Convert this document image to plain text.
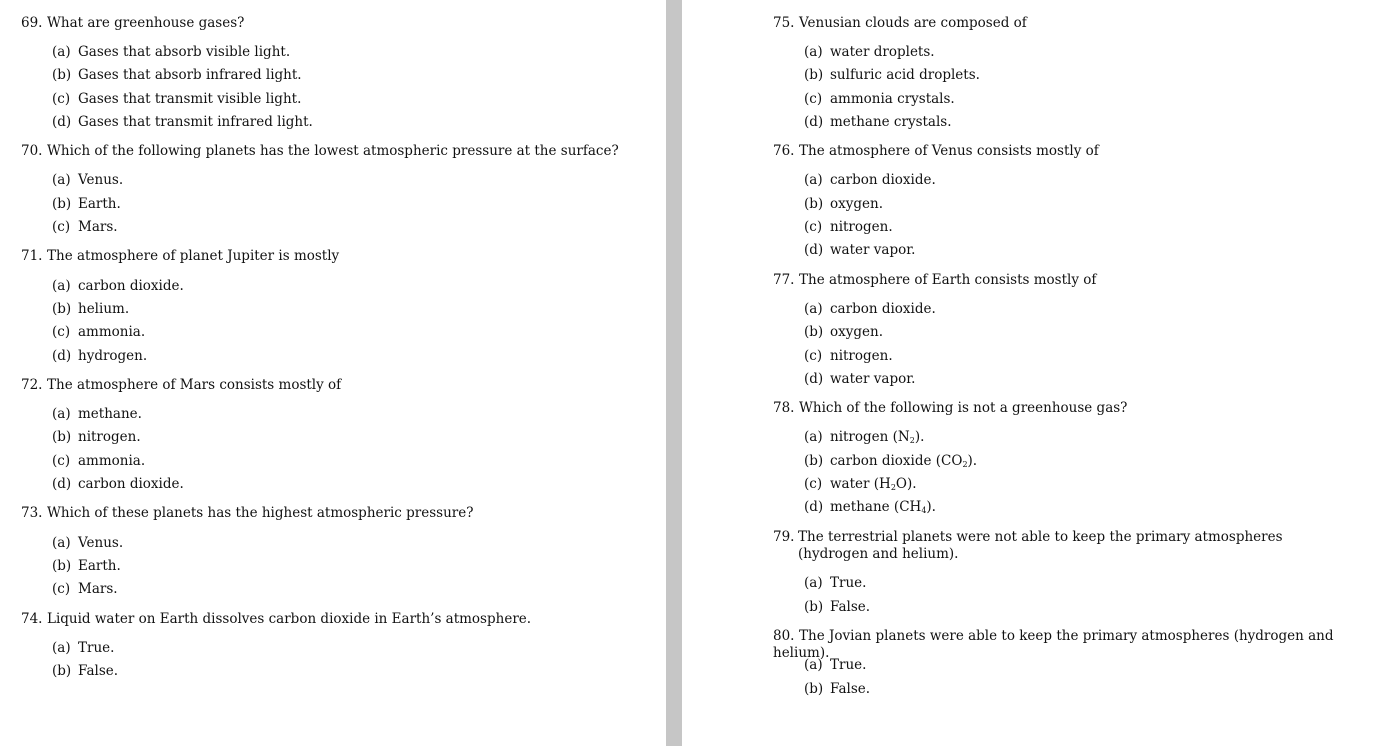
69. What are greenhouse gases?
(a) Gases that absorb visible light.
(b) Gases that absorb infrared light.
(c) Gases that transmit visible light.
(d) Gases that transmit infrared light.
70. Which of the following planets has the lowest atmospheric pressure at the surface?
(a) Venus.
(b) Earth.
(c) Mars.
71. The atmosphere of planet Jupiter is mostly
(a) carbon dioxide.
(b) helium.
(c) ammonia.
(d) hydrogen.
72. The atmosphere of Mars consists mostly of
(a) methane.
(b) nitrogen.
(c) ammonia.
(d) carbon dioxide.
73. Which of these planets has the highest atmospheric pressure?
(a) Venus.
(b) Earth.
(c) Mars.
74. Liquid water on Earth dissolves carbon dioxide in Earth’s atmosphere.
(a) True.
(b) False.
75. Venusian clouds are composed of
(a) water droplets.
(b) sulfuric acid droplets.
(c) ammonia crystals.
(d) methane crystals.
76. The atmosphere of Venus consists mostly of
(a) carbon dioxide.
(b) oxygen.
(c) nitrogen.
(d) water vapor.
77. The atmosphere of Earth consists mostly of
(a) carbon dioxide.
(b) oxygen.
(c) nitrogen.
(d) water vapor.
78. Which of the following is not a greenhouse gas?
(a) nitrogen $(N_2)$.
(b) carbon dioxide $(CO_2)$.
(c) water $(H_2O)$.
(d) methane $(CH_4)$.
79. The terrestrial planets were not able to keep the primary atmospheres (hydrogen and helium).
(a) True.
(b) False.
80. The Jovian planets were able to keep the primary atmospheres (hydrogen and helium).
(a) True.
(b) False.
